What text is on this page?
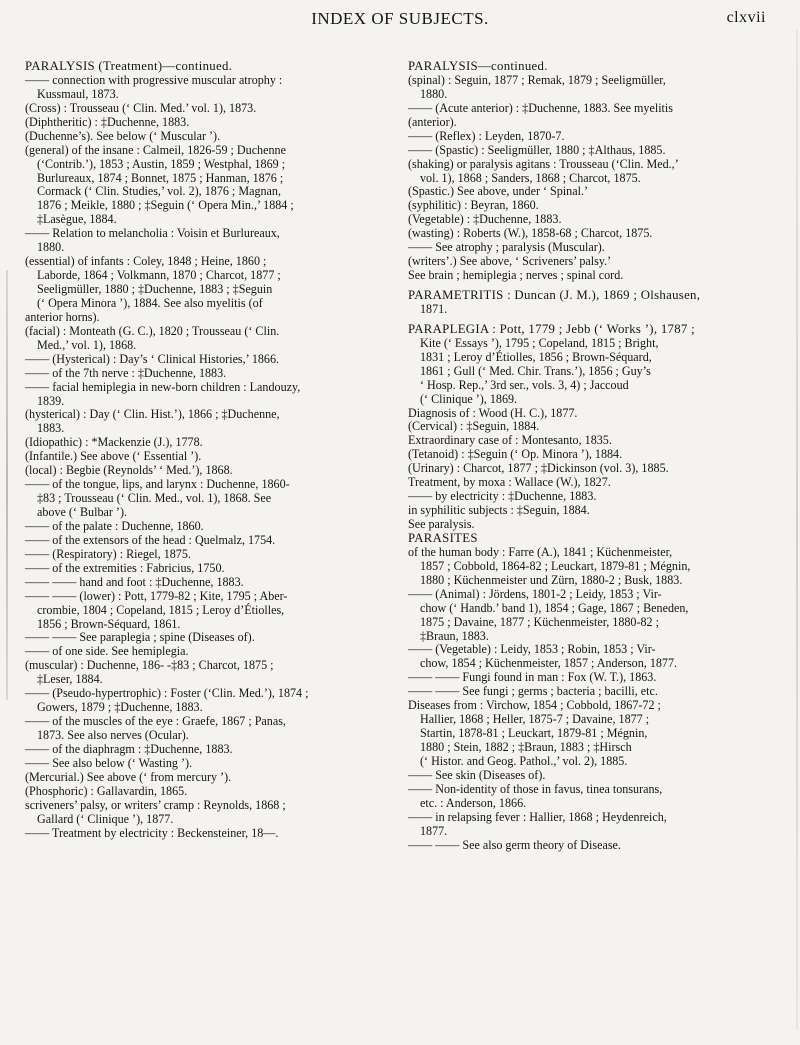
INDEX OF SUBJECTS.	clxvii
PARALYSIS (Treatment)—continued.
—— connection with progressive muscular atrophy :
Kussmaul, 1873.
(Cross) : Trousseau (‘ Clin. Med.’ vol. 1), 1873.
(Diphtheritic) : ‡Duchenne, 1883.
(Duchenne’s). See below (‘ Muscular ’).
(general) of the insane : Calmeil, 1826-59 ; Duchenne
(‘Contrib.’), 1853 ; Austin, 1859 ; Westphal, 1869 ;
Burlureaux, 1874 ; Bonnet, 1875 ; Hanman, 1876 ;
Cormack (‘ Clin. Studies,’ vol. 2), 1876 ; Magnan,
1876 ; Meikle, 1880 ; ‡Seguin (‘ Opera Min.,’ 1884 ;
‡Lasègue, 1884.
—— Relation to melancholia : Voisin et Burlureaux,
1880.
(essential) of infants : Coley, 1848 ; Heine, 1860 ;
Laborde, 1864 ; Volkmann, 1870 ; Charcot, 1877 ;
Seeligmüller, 1880 ; ‡Duchenne, 1883 ; ‡Seguin
(‘ Opera Minora ’), 1884. See also myelitis (of
anterior horns).
(facial) : Monteath (G. C.), 1820 ; Trousseau (‘ Clin.
Med.,’ vol. 1), 1868.
—— (Hysterical) : Day’s ‘ Clinical Histories,’ 1866.
—— of the 7th nerve : ‡Duchenne, 1883.
—— facial hemiplegia in new-born children : Landouzy,
1839.
(hysterical) : Day (‘ Clin. Hist.’), 1866 ; ‡Duchenne,
1883.
(Idiopathic) : *Mackenzie (J.), 1778.
(Infantile.) See above (‘ Essential ’).
(local) : Begbie (Reynolds’ ‘ Med.’), 1868.
—— of the tongue, lips, and larynx : Duchenne, 1860-
‡83 ; Trousseau (‘ Clin. Med., vol. 1), 1868. See
above (‘ Bulbar ’).
—— of the palate : Duchenne, 1860.
—— of the extensors of the head : Quelmalz, 1754.
—— (Respiratory) : Riegel, 1875.
—— of the extremities : Fabricius, 1750.
—— —— hand and foot : ‡Duchenne, 1883.
—— —— (lower) : Pott, 1779-82 ; Kite, 1795 ; Aber-
crombie, 1804 ; Copeland, 1815 ; Leroy d’Étiolles,
1856 ; Brown-Séquard, 1861.
—— —— See paraplegia ; spine (Diseases of).
—— of one side. See hemiplegia.
(muscular) : Duchenne, 186- -‡83 ; Charcot, 1875 ;
‡Leser, 1884.
—— (Pseudo-hypertrophic) : Foster (‘Clin. Med.’), 1874 ;
Gowers, 1879 ; ‡Duchenne, 1883.
—— of the muscles of the eye : Graefe, 1867 ; Panas,
1873. See also nerves (Ocular).
—— of the diaphragm : ‡Duchenne, 1883.
—— See also below (‘ Wasting ’).
(Mercurial.) See above (‘ from mercury ’).
(Phosphoric) : Gallavardin, 1865.
scriveners’ palsy, or writers’ cramp : Reynolds, 1868 ;
Gallard (‘ Clinique ’), 1877.
—— Treatment by electricity : Beckensteiner, 18—.
PARALYSIS—continued.
(spinal) : Seguin, 1877 ; Remak, 1879 ; Seeligmüller,
1880.
—— (Acute anterior) : ‡Duchenne, 1883. See myelitis
(anterior).
—— (Reflex) : Leyden, 1870-7.
—— (Spastic) : Seeligmüller, 1880 ; ‡Althaus, 1885.
(shaking) or paralysis agitans : Trousseau (‘Clin. Med.,’
vol. 1), 1868 ; Sanders, 1868 ; Charcot, 1875.
(Spastic.) See above, under ‘ Spinal.’
(syphilitic) : Beyran, 1860.
(Vegetable) : ‡Duchenne, 1883.
(wasting) : Roberts (W.), 1858-68 ; Charcot, 1875.
—— See atrophy ; paralysis (Muscular).
(writers’.) See above, ‘ Scriveners’ palsy.’
See brain ; hemiplegia ; nerves ; spinal cord.
PARAMETRITIS : Duncan (J. M.), 1869 ; Olshausen,
1871.
PARAPLEGIA : Pott, 1779 ; Jebb (‘ Works ’), 1787 ;
Kite (‘ Essays ’), 1795 ; Copeland, 1815 ; Bright,
1831 ; Leroy d’Étiolles, 1856 ; Brown-Séquard,
1861 ; Gull (‘ Med. Chir. Trans.’), 1856 ; Guy’s
‘ Hosp. Rep.,’ 3rd ser., vols. 3, 4) ; Jaccoud
(‘ Clinique ’), 1869.
Diagnosis of : Wood (H. C.), 1877.
(Cervical) : ‡Seguin, 1884.
Extraordinary case of : Montesanto, 1835.
(Tetanoid) : ‡Seguin (‘ Op. Minora ’), 1884.
(Urinary) : Charcot, 1877 ; ‡Dickinson (vol. 3), 1885.
Treatment, by moxa : Wallace (W.), 1827.
—— by electricity : ‡Duchenne, 1883.
in syphilitic subjects : ‡Seguin, 1884.
See paralysis.
PARASITES
of the human body : Farre (A.), 1841 ; Küchenmeister,
1857 ; Cobbold, 1864-82 ; Leuckart, 1879-81 ; Mégnin,
1880 ; Küchenmeister und Zürn, 1880-2 ; Busk, 1883.
—— (Animal) : Jördens, 1801-2 ; Leidy, 1853 ; Vir-
chow (‘ Handb.’ band 1), 1854 ; Gage, 1867 ; Beneden,
1875 ; Davaine, 1877 ; Küchenmeister, 1880-82 ;
‡Braun, 1883.
—— (Vegetable) : Leidy, 1853 ; Robin, 1853 ; Vir-
chow, 1854 ; Küchenmeister, 1857 ; Anderson, 1877.
—— —— Fungi found in man : Fox (W. T.), 1863.
—— —— See fungi ; germs ; bacteria ; bacilli, etc.
Diseases from : Virchow, 1854 ; Cobbold, 1867-72 ;
Hallier, 1868 ; Heller, 1875-7 ; Davaine, 1877 ;
Startin, 1878-81 ; Leuckart, 1879-81 ; Mégnin,
1880 ; Stein, 1882 ; ‡Braun, 1883 ; ‡Hirsch
(‘ Histor. and Geog. Pathol.,’ vol. 2), 1885.
—— See skin (Diseases of).
—— Non-identity of those in favus, tinea tonsurans,
etc. : Anderson, 1866.
—— in relapsing fever : Hallier, 1868 ; Heydenreich,
1877.
—— —— See also germ theory of Disease.
